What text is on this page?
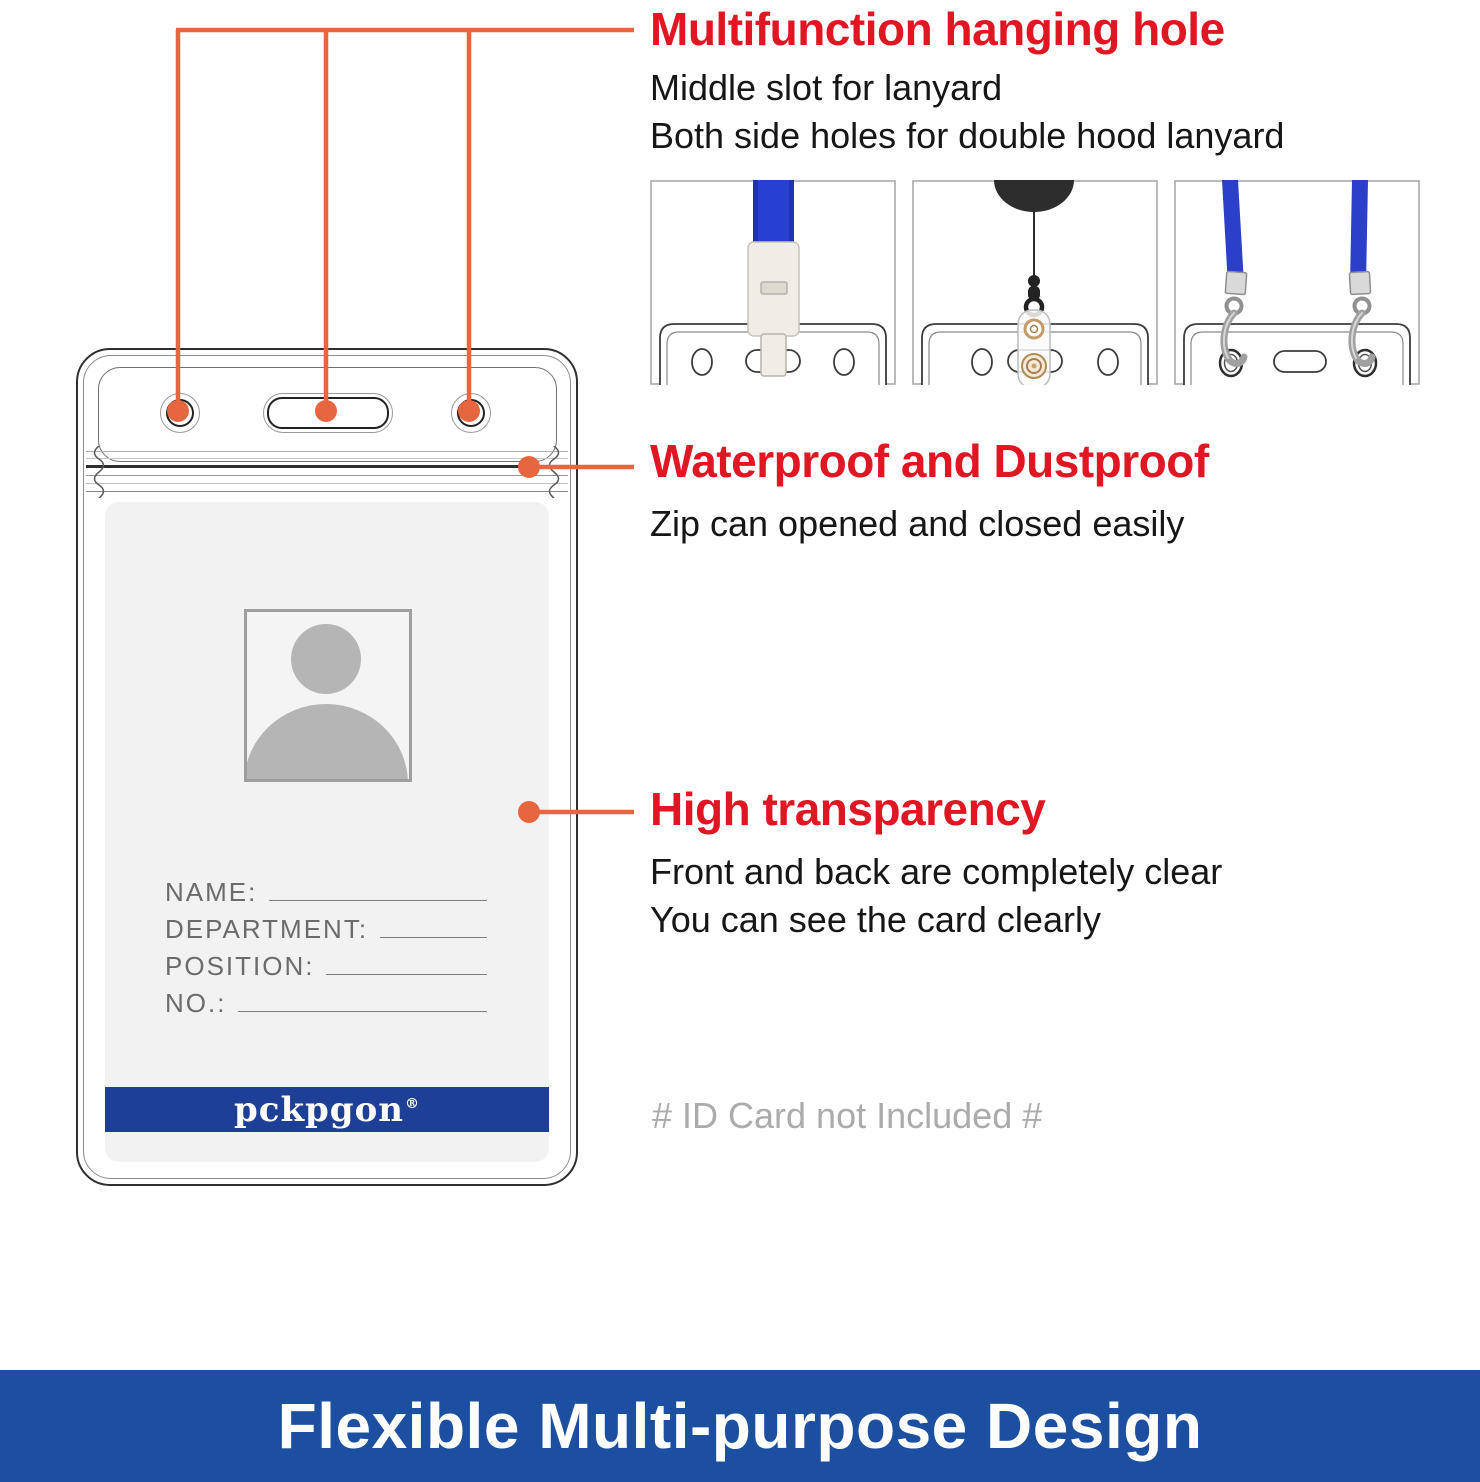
NAME:
DEPARTMENT:
POSITION:
NO.:
pckpgon®
Multifunction hanging hole
Middle slot for lanyard
Both side holes for double hood lanyard
Waterproof and Dustproof
Zip can opened and closed easily
High transparency
Front and back are completely clear
You can see the card clearly
# ID Card not Included #
Flexible Multi-purpose Design
